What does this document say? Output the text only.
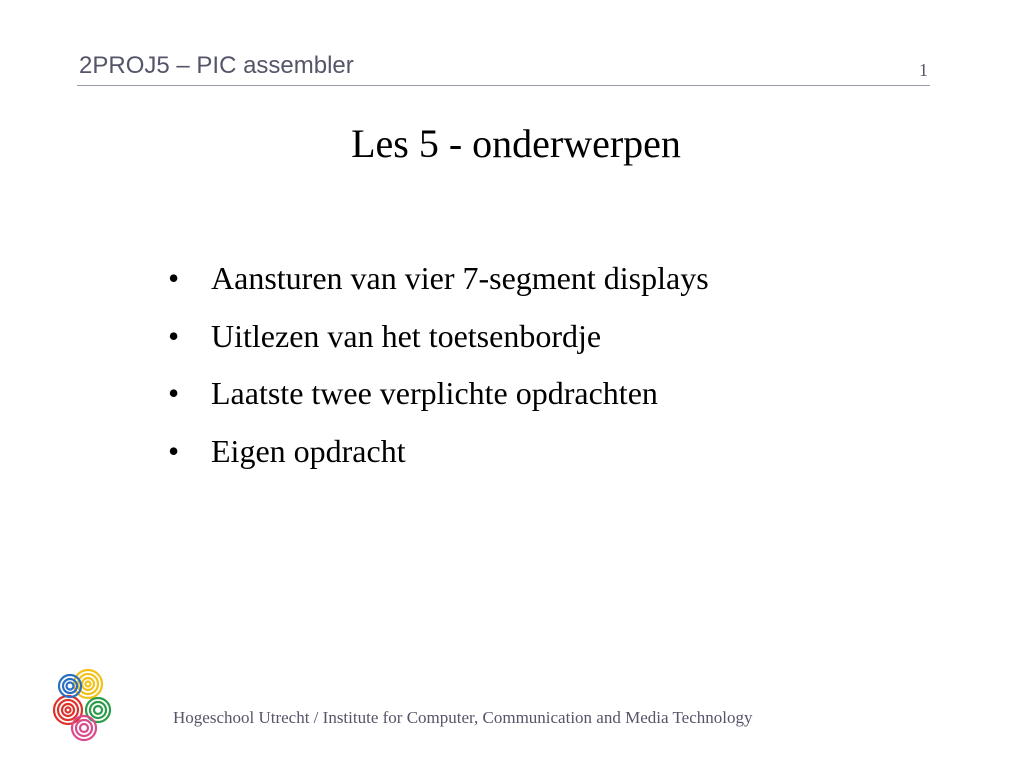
2PROJ5 – PIC assembler	1
Les 5 - onderwerpen
• Aansturen van vier 7-segment displays
• Uitlezen van het toetsenbordje
• Laatste twee verplichte opdrachten
• Eigen opdracht
Hogeschool Utrecht / Institute for Computer, Communication and Media Technology
